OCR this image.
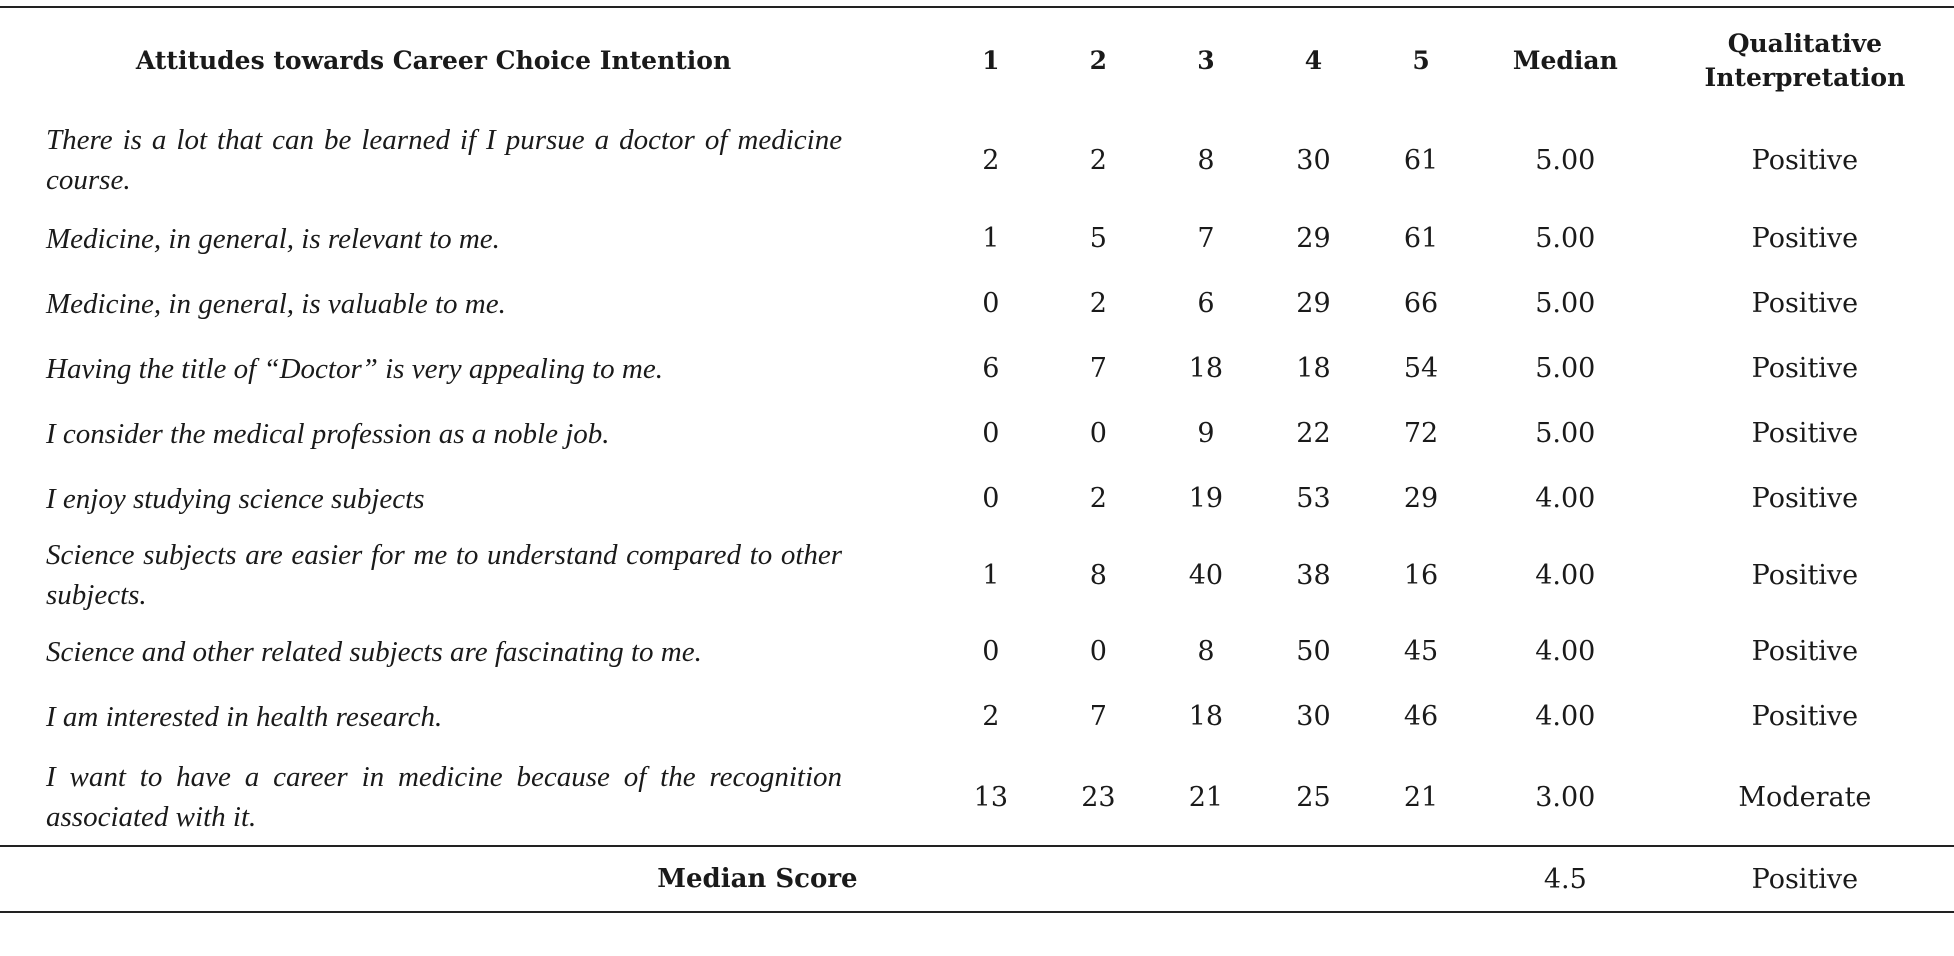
Attitudes towards Career Choice Intention	1	2	3	4	5	Median	Qualitative Interpretation
There is a lot that can be learned if I pursue a doctor of medicine course.	2	2	8	30	61	5.00	Positive
Medicine, in general, is relevant to me.	1	5	7	29	61	5.00	Positive
Medicine, in general, is valuable to me.	0	2	6	29	66	5.00	Positive
Having the title of “Doctor” is very appealing to me.	6	7	18	18	54	5.00	Positive
I consider the medical profession as a noble job.	0	0	9	22	72	5.00	Positive
I enjoy studying science subjects	0	2	19	53	29	4.00	Positive
Science subjects are easier for me to understand compared to other subjects.	1	8	40	38	16	4.00	Positive
Science and other related subjects are fascinating to me.	0	0	8	50	45	4.00	Positive
I am interested in health research.	2	7	18	30	46	4.00	Positive
I want to have a career in medicine because of the recognition associated with it.	13	23	21	25	21	3.00	Moderate
Median Score						4.5	Positive
